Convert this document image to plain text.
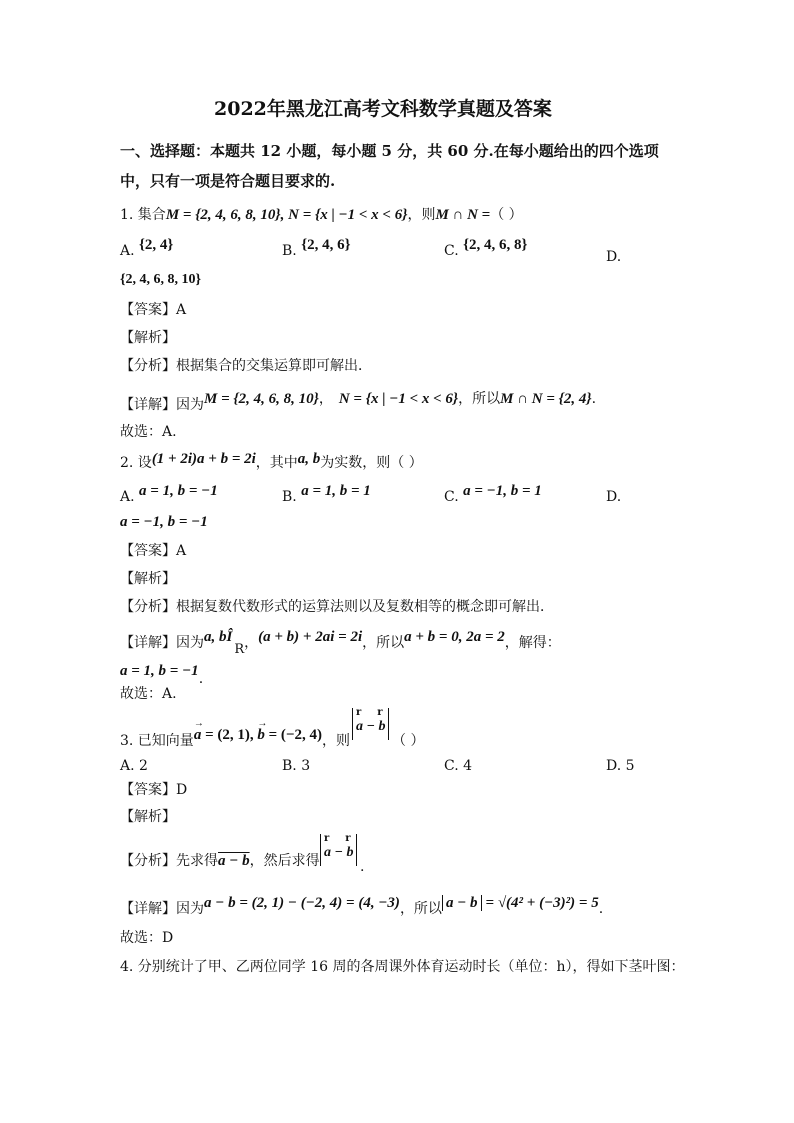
2022年黑龙江高考文科数学真题及答案
一、选择题：本题共 12 小题，每小题 5 分，共 60 分.在每小题给出的四个选项
中，只有一项是符合题目要求的.
1. 集合M = {2, 4, 6, 8, 10}, N = {x | −1 < x < 6}，则M ∩ N =（ ）
A. {2, 4}	B. {2, 4, 6}	C. {2, 4, 6, 8}
D.
{2, 4, 6, 8, 10}
【答案】A
【解析】
【分析】根据集合的交集运算即可解出．
【详解】因为M = {2, 4, 6, 8, 10}， N = {x | −1 < x < 6}，所以M ∩ N = {2, 4}.
故选：A.
2. 设(1 + 2i)a + b = 2i，其中a, b为实数，则（ ）
A. a = 1, b = −1	B. a = 1, b = 1	C. a = −1, b = 1	D.
a = −1, b = −1
【答案】A
【解析】
【分析】根据复数代数形式的运算法则以及复数相等的概念即可解出．
【详解】因为a, bÎR，(a + b) + 2ai = 2i，所以a + b = 0, 2a = 2，解得：
a = 1, b = −1.
故选：A.
3. 已知向量→ a = (2, 1), → b = (−2, 4)，则
r r
a − b
（ ）
A. 2	B. 3	C. 4	D. 5
【答案】D
【解析】
【分析】先求得a − b，然后求得
r r
a − b
.
【详解】因为a − b = (2, 1) − (−2, 4) = (4, −3)，所以 a − b = √(4² + (−3)²) = 5.
故选：D
4. 分别统计了甲、乙两位同学 16 周的各周课外体育运动时长（单位：h），得如下茎叶图：
